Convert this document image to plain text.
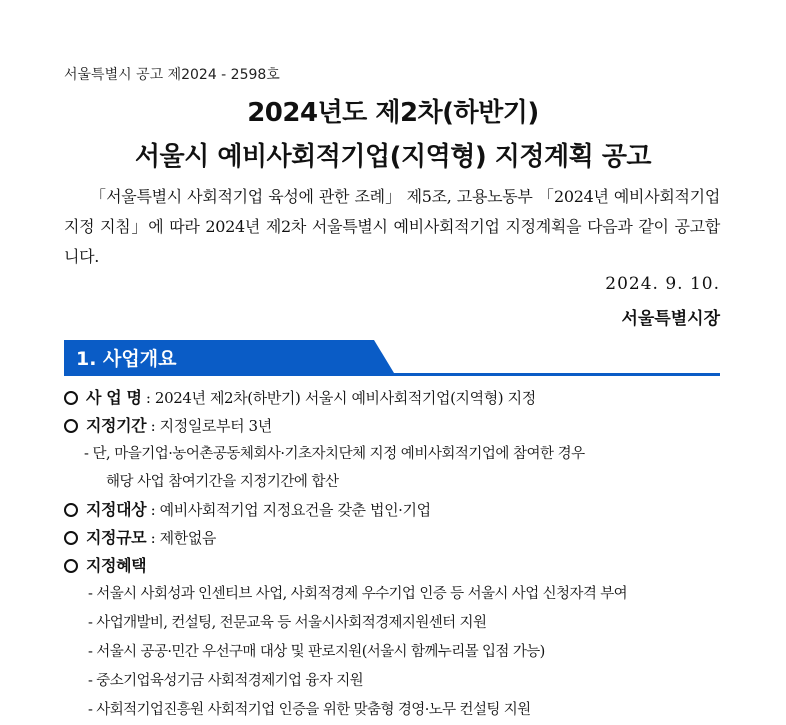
서울특별시 공고 제2024 - 2598호
2024년도 제2차(하반기)
서울시 예비사회적기업(지역형) 지정계획 공고
「서울특별시 사회적기업 육성에 관한 조례」 제5조, 고용노동부 「2024년 예비사회적기업 지정 지침」에 따라 2024년 제2차 서울특별시 예비사회적기업 지정계획을 다음과 같이 공고합니다.
2024. 9. 10.
서울특별시장
1. 사업개요
사 업 명 : 2024년 제2차(하반기) 서울시 예비사회적기업(지역형) 지정
지정기간 : 지정일로부터 3년
- 단, 마을기업·농어촌공동체회사·기초자치단체 지정 예비사회적기업에 참여한 경우
해당 사업 참여기간을 지정기간에 합산
지정대상 : 예비사회적기업 지정요건을 갖춘 법인·기업
지정규모 : 제한없음
지정혜택
- 서울시 사회성과 인센티브 사업, 사회적경제 우수기업 인증 등 서울시 사업 신청자격 부여
- 사업개발비, 컨설팅, 전문교육 등 서울시사회적경제지원센터 지원
- 서울시 공공·민간 우선구매 대상 및 판로지원(서울시 함께누리몰 입점 가능)
- 중소기업육성기금 사회적경제기업 융자 지원
- 사회적기업진흥원 사회적기업 인증을 위한 맞춤형 경영·노무 컨설팅 지원
